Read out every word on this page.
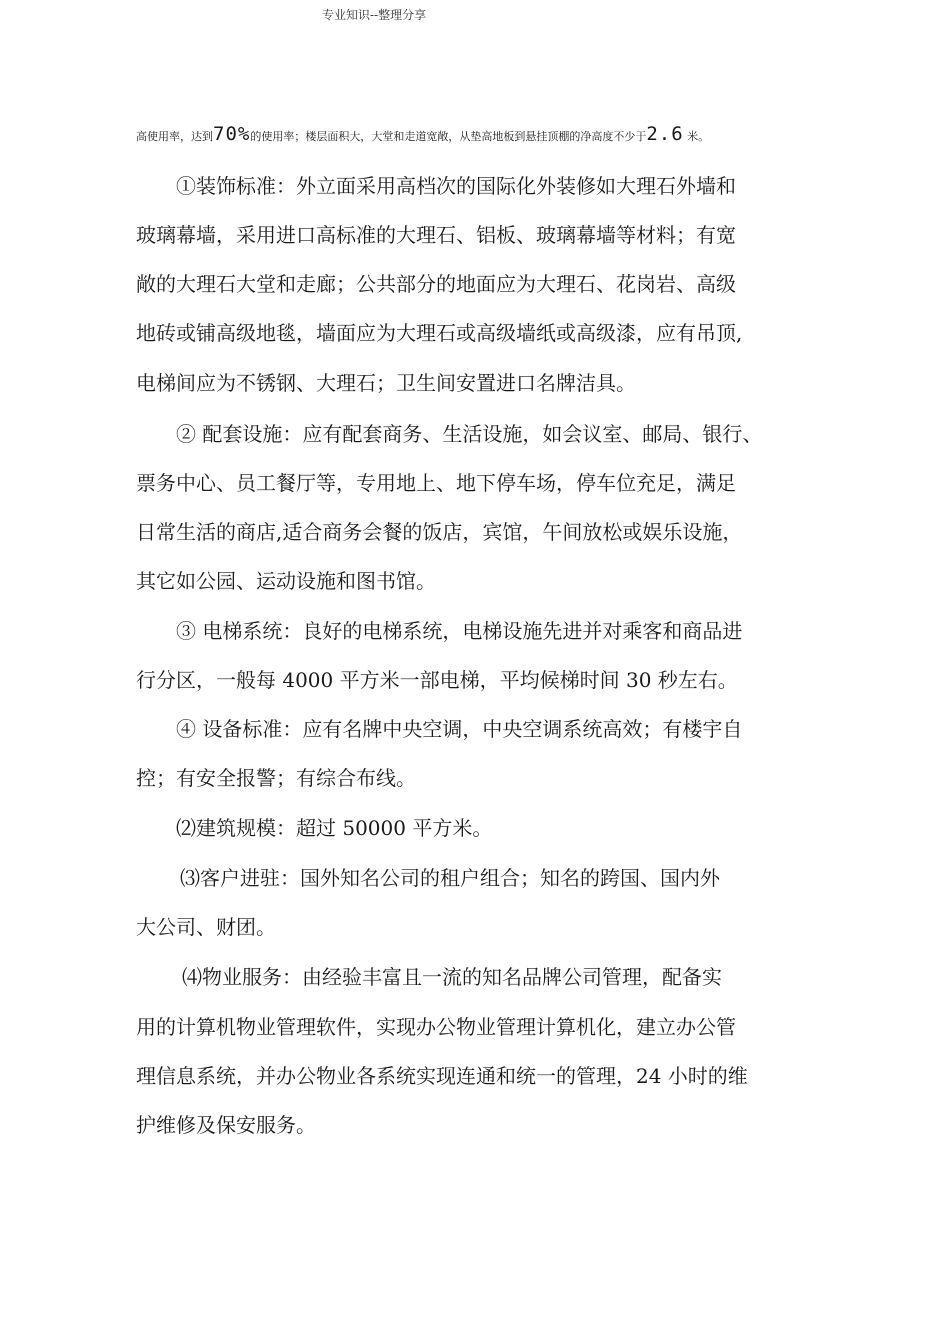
专业知识--整理分享
高使用率，达到70%的使用率；楼层面积大，大堂和走道宽敞，从垫高地板到悬挂顶棚的净高度不少于2.6 米。
①装饰标准：外立面采用高档次的国际化外装修如大理石外墙和
玻璃幕墙，采用进口高标准的大理石、铝板、玻璃幕墙等材料；有宽
敞的大理石大堂和走廊；公共部分的地面应为大理石、花岗岩、高级
地砖或铺高级地毯，墙面应为大理石或高级墙纸或高级漆，应有吊顶,
电梯间应为不锈钢、大理石；卫生间安置进口名牌洁具。
② 配套设施：应有配套商务、生活设施，如会议室、邮局、银行、
票务中心、员工餐厅等，专用地上、地下停车场，停车位充足，满足
日常生活的商店,适合商务会餐的饭店，宾馆，午间放松或娱乐设施，
其它如公园、运动设施和图书馆。
③ 电梯系统：良好的电梯系统，电梯设施先进并对乘客和商品进
行分区，一般每 4000 平方米一部电梯，平均候梯时间 30 秒左右。
④ 设备标准：应有名牌中央空调，中央空调系统高效；有楼宇自
控；有安全报警；有综合布线。
⑵建筑规模：超过 50000 平方米。
⑶客户进驻：国外知名公司的租户组合；知名的跨国、国内外
大公司、财团。
⑷物业服务：由经验丰富且一流的知名品牌公司管理，配备实
用的计算机物业管理软件，实现办公物业管理计算机化，建立办公管
理信息系统，并办公物业各系统实现连通和统一的管理，24 小时的维
护维修及保安服务。
